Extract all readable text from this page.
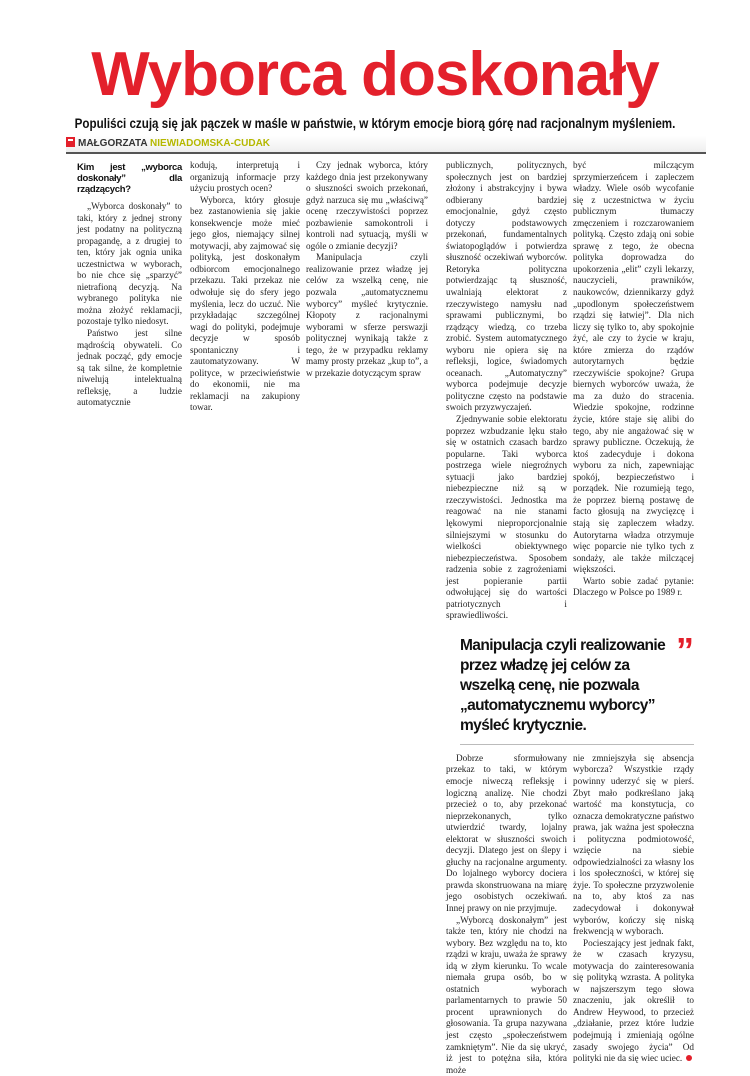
Wyborca doskonały
Populiści czują się jak pączek w maśle w państwie, w którym emocje biorą górę nad racjonalnym myśleniem.
MAŁGORZATA NIEWIADOMSKA-CUDAK
Kim jest „wyborca doskonały” dla rządzących?

„Wyborca doskonały” to taki, który z jednej strony jest podatny na polityczną propagandę, a z drugiej to ten, który jak ognia unika uczestnictwa w wyborach, bo nie chce się „sparzyć” nietrafioną decyzją. Na wybranego polityka nie można złożyć reklamacji, pozostaje tylko niedosyt.

Państwo jest silne mądrością obywateli. Co jednak począć, gdy emocje są tak silne, że kompletnie niwelują intelektualną refleksję, a ludzie automatycznie

kodują, interpretują i organizują informacje przy użyciu prostych ocen?

Wyborca, który głosuje bez zastanowienia się jakie konsekwencje może mieć jego głos, niemający silnej motywacji, aby zajmować się polityką, jest doskonałym odbiorcom emocjonalnego przekazu. Taki przekaz nie odwołuje się do sfery jego myślenia, lecz do uczuć. Nie przykładając szczególnej wagi do polityki, podejmuje decyzje w sposób spontaniczny i zautomatyzowany. W polityce, w przeciwieństwie do ekonomii, nie ma reklamacji na zakupiony towar.

Czy jednak wyborca, który każdego dnia jest przekonywany o słuszności swoich przekonań, gdyż narzuca się mu „właściwą” ocenę rzeczywistości poprzez pozbawienie samokontroli i kontroli nad sytuacją, myśli w ogóle o zmianie decyzji?

Manipulacja czyli realizowanie przez władzę jej celów za wszelką cenę, nie pozwala „automatycznemu wyborcy” myśleć krytycznie. Kłopoty z racjonalnymi wyborami w sferze perswazji politycznej wynikają także z tego, że w przypadku reklamy mamy prosty przekaz „kup to”, a w przekazie dotyczącym spraw

publicznych, politycznych, społecznych jest on bardziej złożony i abstrakcyjny i bywa odbierany bardziej emocjonalnie, gdyż często dotyczy podstawowych przekonań, fundamentalnych światopoglądów i potwierdza słuszność oczekiwań wyborców. Retoryka polityczna potwierdzając tą słuszność, uwalniają elektorat z rzeczywistego namysłu nad sprawami publicznymi, bo rządzący wiedzą, co trzeba zrobić. System automatycznego wyboru nie opiera się na refleksji, logice, świadomych oceanach. „Automatyczny” wyborca podejmuje decyzje polityczne często na podstawie swoich przyzwyczajeń.

Zjednywanie sobie elektoratu poprzez wzbudzanie lęku stało się w ostatnich czasach bardzo popularne. Taki wyborca postrzega wiele niegroźnych sytuacji jako bardziej niebezpieczne niż są w rzeczywistości. Jednostka ma reagować na nie stanami lękowymi nieproporcjonalnie silniejszymi w stosunku do wielkości obiektywnego niebezpieczeństwa. Sposobem radzenia sobie z zagrożeniami jest popieranie partii odwołującej się do wartości patriotycznych i sprawiedliwości.

być milczącym sprzymierzeńcem i zapleczem władzy. Wiele osób wycofanie się z uczestnictwa w życiu publicznym tłumaczy zmęczeniem i rozczarowaniem polityką. Często zdają oni sobie sprawę z tego, że obecna polityka doprowadza do upokorzenia „elit” czyli lekarzy, nauczycieli, prawników, naukowców, dziennikarzy gdyż „upodlonym społeczeństwem rządzi się łatwiej”. Dla nich liczy się tylko to, aby spokojnie żyć, ale czy to życie w kraju, które zmierza do rządów autorytarnych będzie rzeczywiście spokojne? Grupa biernych wyborców uważa, że ma za dużo do stracenia. Wiedzie spokojne, rodzinne życie, które staje się alibi do tego, aby nie angażować się w sprawy publiczne. Oczekują, że ktoś zadecyduje i dokona wyboru za nich, zapewniając spokój, bezpieczeństwo i porządek. Nie rozumieją tego, że poprzez bierną postawę de facto głosują na zwycięzcę i stają się zapleczem władzy. Autorytarna władza otrzymuje więc poparcie nie tylko tych z sondaży, ale także milczącej większości.

Warto sobie zadać pytanie: Dlaczego w Polsce po 1989 r.

Manipulacja czyli realizowanie przez władzę jej celów za wszelką cenę, nie pozwala „automatycznemu wyborcy” myśleć krytycznie.
”

Dobrze sformułowany przekaz to taki, w którym emocje niweczą refleksję i logiczną analizę. Nie chodzi przecież o to, aby przekonać nieprzekonanych, tylko utwierdzić twardy, lojalny elektorat w słuszności swoich decyzji. Dlatego jest on ślepy i głuchy na racjonalne argumenty. Do lojalnego wyborcy dociera prawda skonstruowana na miarę jego osobistych oczekiwań. Innej prawy on nie przyjmuje.

„Wyborcą doskonałym” jest także ten, który nie chodzi na wybory. Bez względu na to, kto rządzi w kraju, uważa że sprawy idą w złym kierunku. To wcale niemała grupa osób, bo w ostatnich wyborach parlamentarnych to prawie 50 procent uprawnionych do głosowania. Ta grupa nazywana jest często „społeczeństwem zamkniętym”. Nie da się ukryć, iż jest to potężna siła, która może

nie zmniejszyła się absencja wyborcza? Wszystkie rządy powinny uderzyć się w pierś. Zbyt mało podkreślano jaką wartość ma konstytucja, co oznacza demokratyczne państwo prawa, jak ważna jest społeczna i polityczna podmiotowość, wzięcie na siebie odpowiedzialności za własny los i los społeczności, w której się żyje. To społeczne przyzwolenie na to, aby ktoś za nas zadecydował i dokonywał wyborów, kończy się niską frekwencją w wyborach.

Pocieszający jest jednak fakt, że w czasach kryzysu, motywacja do zainteresowania się polityką wzrasta. A polityka w najszerszym tego słowa znaczeniu, jak określił to Andrew Heywood, to przecież „działanie, przez które ludzie podejmują i zmieniają ogólne zasady swojego życia” Od polityki nie da się wiec uciec.
